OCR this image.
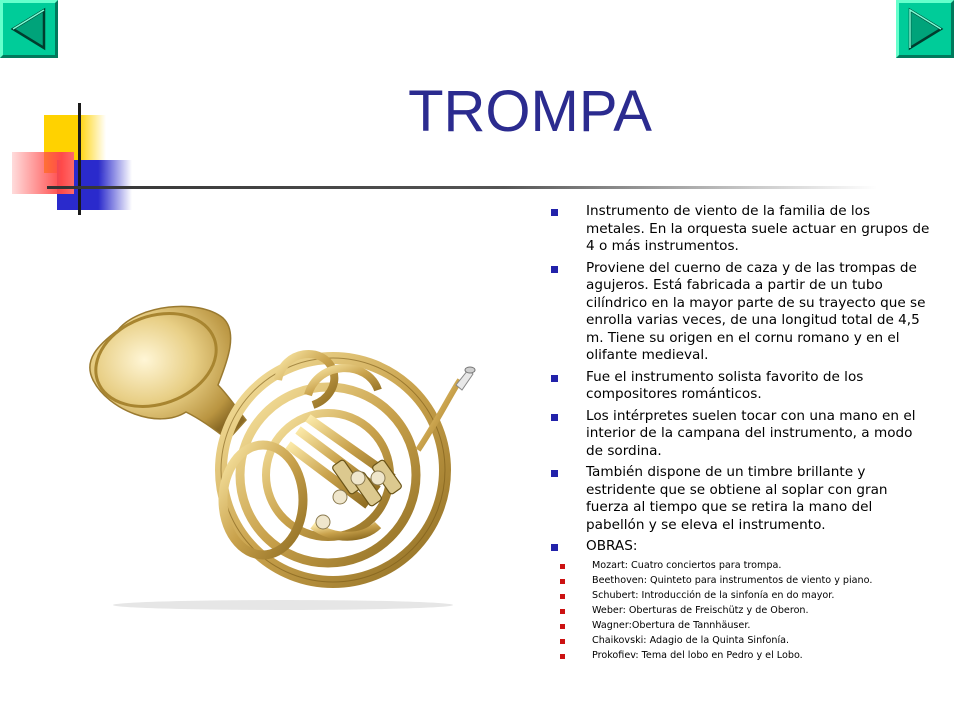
TROMPA
Instrumento de viento de la familia de los metales. En la orquesta suele actuar en grupos de 4 o más instrumentos.
Proviene del cuerno de caza y de las trompas de agujeros. Está fabricada a partir de un tubo cilíndrico en la mayor parte de su trayecto que se enrolla varias veces, de una longitud total de 4,5 m. Tiene su origen en el cornu romano y en el olifante medieval.
Fue el instrumento solista favorito de los compositores románticos.
Los intérpretes suelen tocar con una mano en el interior de la campana del instrumento, a modo de sordina.
También dispone de un timbre brillante y estridente que se obtiene al soplar con gran fuerza al tiempo que se retira la mano del pabellón y se eleva el instrumento.
OBRAS:
Mozart: Cuatro conciertos para trompa.
Beethoven: Quinteto para instrumentos de viento y piano.
Schubert: Introducción de la sinfonía en do mayor.
Weber: Oberturas de Freischütz y de Oberon.
Wagner:Obertura de Tannhäuser.
Chaikovski: Adagio de la Quinta Sinfonía.
Prokofiev: Tema del lobo en Pedro y el Lobo.
